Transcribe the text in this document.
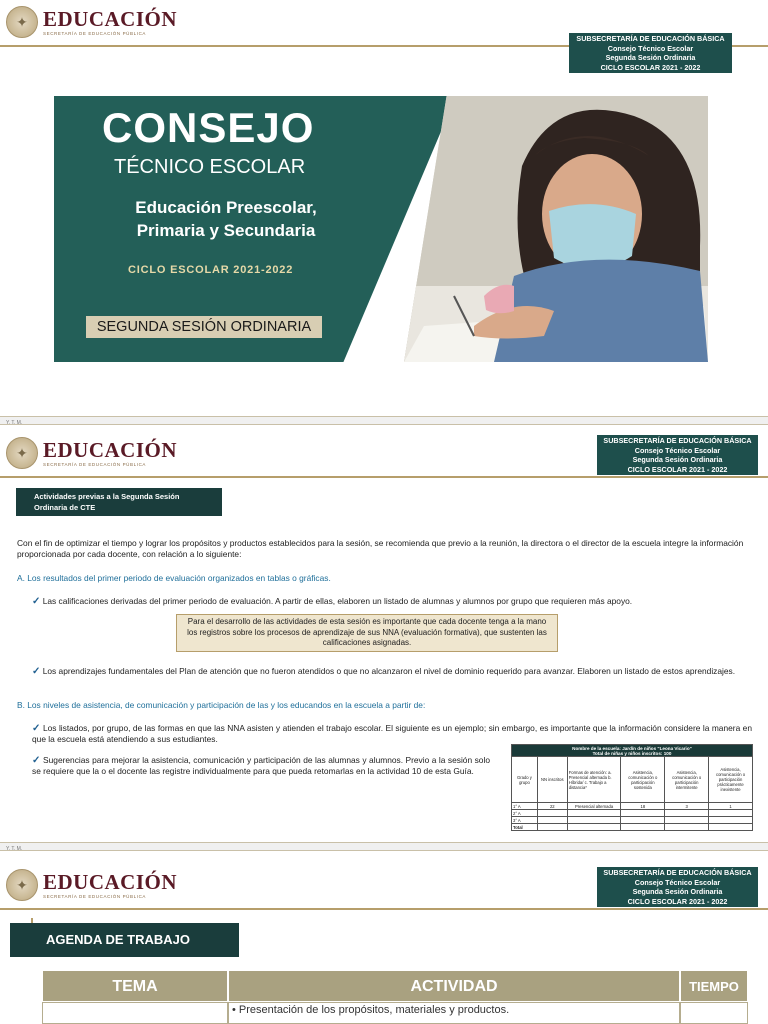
✦ EDUCACIÓN
SECRETARÍA DE EDUCACIÓN PÚBLICA
SUBSECRETARÍA DE EDUCACIÓN BÁSICA
Consejo Técnico Escolar
Segunda Sesión Ordinaria
CICLO ESCOLAR 2021 - 2022
CONSEJO
TÉCNICO ESCOLAR
Educación Preescolar,
Primaria y Secundaria
CICLO ESCOLAR 2021-2022
SEGUNDA SESIÓN ORDINARIA
Y. T. M.
✦ EDUCACIÓN
SECRETARÍA DE EDUCACIÓN PÚBLICA
SUBSECRETARÍA DE EDUCACIÓN BÁSICA
Consejo Técnico Escolar
Segunda Sesión Ordinaria
CICLO ESCOLAR 2021 - 2022
Actividades previas a la Segunda Sesión
Ordinaria de CTE
Con el fin de optimizar el tiempo y lograr los propósitos y productos establecidos para la sesión, se recomienda que previo a la reunión, la directora o el director de la escuela integre la información proporcionada por cada docente, con relación a lo siguiente:
A. Los resultados del primer periodo de evaluación organizados en tablas o gráficas.
✓ Las calificaciones derivadas del primer periodo de evaluación. A partir de ellas, elaboren un listado de alumnas y alumnos por grupo que requieren más apoyo.
Para el desarrollo de las actividades de esta sesión es importante que cada docente tenga a la mano los registros sobre los procesos de aprendizaje de sus NNA (evaluación formativa), que sustenten las calificaciones asignadas.
✓ Los aprendizajes fundamentales del Plan de atención que no fueron atendidos o que no alcanzaron el nivel de dominio requerido para avanzar. Elaboren un listado de estos aprendizajes.
B. Los niveles de asistencia, de comunicación y participación de las y los educandos en la escuela a partir de:
✓ Los listados, por grupo, de las formas en que las NNA asisten y atienden el trabajo escolar. El siguiente es un ejemplo; sin embargo, es importante que la información considere la manera en que la escuela está atendiendo a sus estudiantes.
✓ Sugerencias para mejorar la asistencia, comunicación y participación de las alumnas y alumnos. Previo a la sesión solo se requiere que la o el docente las registre individualmente para que pueda retomarlas en la actividad 10 de esta Guía.
Nombre de la escuela: Jardín de niños "Leona Vicario"
Total de niñas y niños inscritos: 100					

Grado y grupo	NN inscritos	Formas de atención: a. Presencial alternada b. Híbrida/ c. Trabajo a distancia*	Asistencia, comunicación o participación sostenida	Asistencia, comunicación o participación intermitente	Asistencia, comunicación o participación prácticamente inexistente
1° A	22	Presencial alternada	18	3	1
2° A					
3° A					
Total					
Y. T. M.
✦ EDUCACIÓN
SECRETARÍA DE EDUCACIÓN PÚBLICA
SUBSECRETARÍA DE EDUCACIÓN BÁSICA
Consejo Técnico Escolar
Segunda Sesión Ordinaria
CICLO ESCOLAR 2021 - 2022
AGENDA DE TRABAJO
TEMA	ACTIVIDAD	TIEMPO
• Presentación de los propósitos, materiales y productos.
